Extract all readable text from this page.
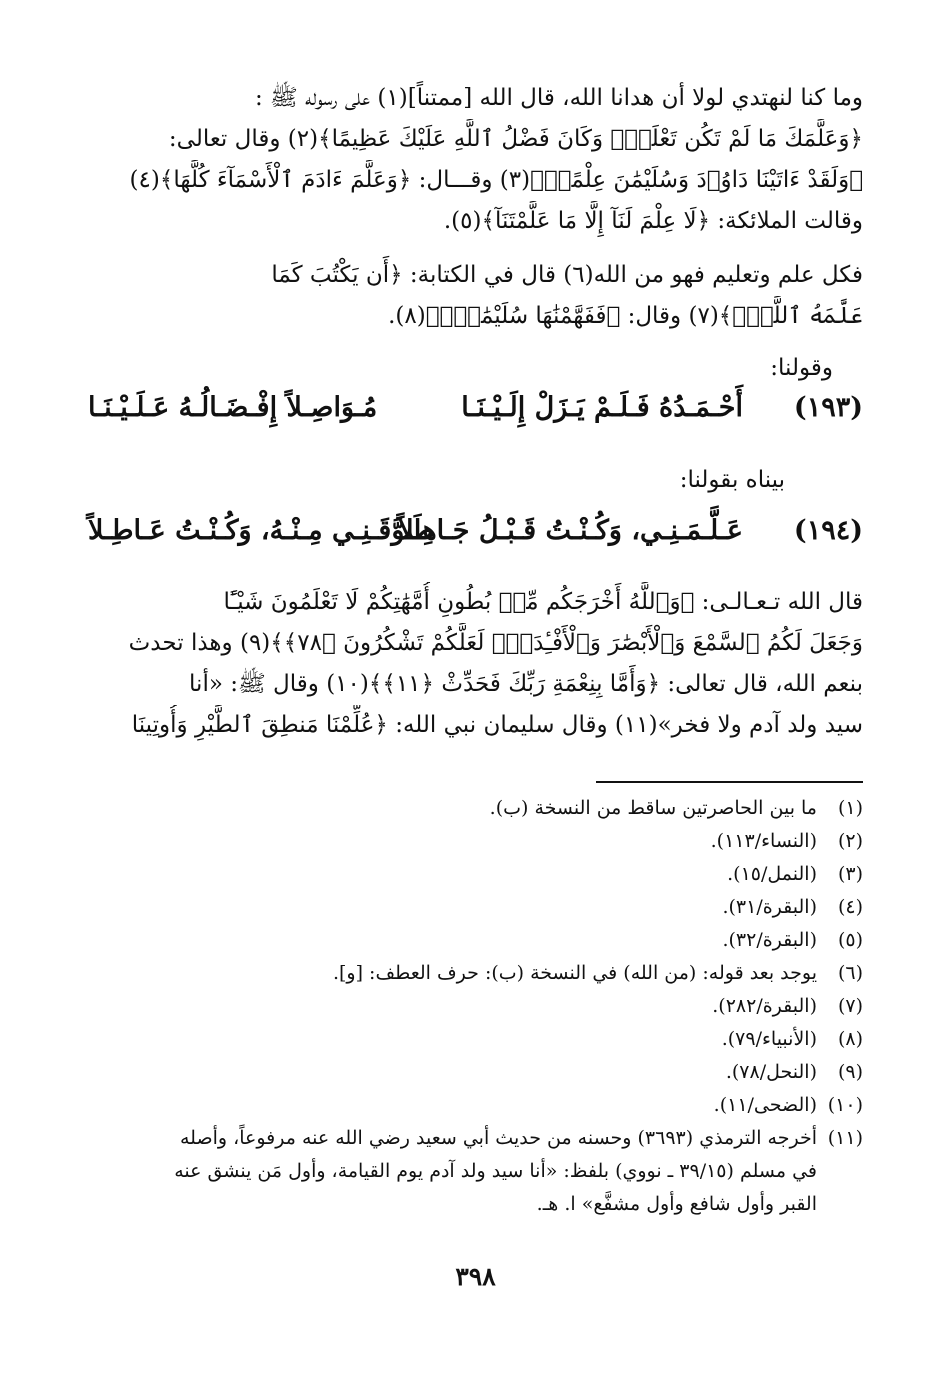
وما كنا لنهتدي لولا أن هدانا الله، قال الله [ممتناً](١) على رسوله ﷺ :
﴿وَعَلَّمَكَ مَا لَمْ تَكُن تَعْلَمُۚ وَكَانَ فَضْلُ ٱللَّهِ عَلَيْكَ عَظِيمًا﴾(٢) وقال تعالى:
﴿وَلَقَدْ ءَاتَيْنَا دَاوُۥدَ وَسُلَيْمَٰنَ عِلْمًاۖ﴾(٣) وقـــال: ﴿وَعَلَّمَ ءَادَمَ ٱلْأَسْمَآءَ كُلَّهَا﴾(٤)
وقالت الملائكة: ﴿لَا عِلْمَ لَنَآ إِلَّا مَا عَلَّمْتَنَآ﴾(٥).
فكل علم وتعليم فهو من الله(٦) قال في الكتابة: ﴿أَن يَكْتُبَ كَمَا
عَلَّمَهُ ٱللَّهُۚ﴾(٧) وقال: ﴿فَفَهَّمْنَٰهَا سُلَيْمَٰنَۚ﴾(٨).
وقولنا:
(١٩٣)
أَحْـمَـدُهُ فَـلَـمْ يَـزَلْ إِلَـيْـنَـا
مُـوَاصِـلاً إِفْـضَـالُـهُ عَـلَـيْـنَـا
بيناه بقولنا:
(١٩٤)
عَـلَّـمَـنِـي، وَكُـنْـتُ قَـبْـلُ جَـاهِـلاً
طَـوَّقَـنِـي مِـنْـهُ، وَكُـنْـتُ عَـاطِـلاً
قال الله تـعـالـى: ﴿وَٱللَّهُ أَخْرَجَكُم مِّنۢ بُطُونِ أُمَّهَٰتِكُمْ لَا تَعْلَمُونَ شَيْـًٔا
وَجَعَلَ لَكُمُ ٱلسَّمْعَ وَٱلْأَبْصَٰرَ وَٱلْأَفْـِٔدَةَۙ لَعَلَّكُمْ تَشْكُرُونَ ﴿٧٨﴾﴾(٩) وهذا تحدث
بنعم الله، قال تعالى: ﴿وَأَمَّا بِنِعْمَةِ رَبِّكَ فَحَدِّثْ ﴿١١﴾﴾(١٠) وقال ﷺ: «أنا
سيد ولد آدم ولا فخر»(١١) وقال سليمان نبي الله: ﴿عُلِّمْنَا مَنطِقَ ٱلطَّيْرِ وَأُوتِينَا
(١)ما بين الحاصرتين ساقط من النسخة (ب).
(٢)(النساء/١١٣).
(٣)(النمل/١٥).
(٤)(البقرة/٣١).
(٥)(البقرة/٣٢).
(٦)يوجد بعد قوله: (من الله) في النسخة (ب): حرف العطف: [و].
(٧)(البقرة/٢٨٢).
(٨)(الأنبياء/٧٩).
(٩)(النحل/٧٨).
(١٠)(الضحى/١١).
(١١)أخرجه الترمذي (٣٦٩٣) وحسنه من حديث أبي سعيد رضي الله عنه مرفوعاً، وأصله
في مسلم (٣٩/١٥ ـ نووي) بلفظ: «أنا سيد ولد آدم يوم القيامة، وأول مَن ينشق عنه
القبر وأول شافع وأول مشفَّع» ا. هـ.
٣٩٨
